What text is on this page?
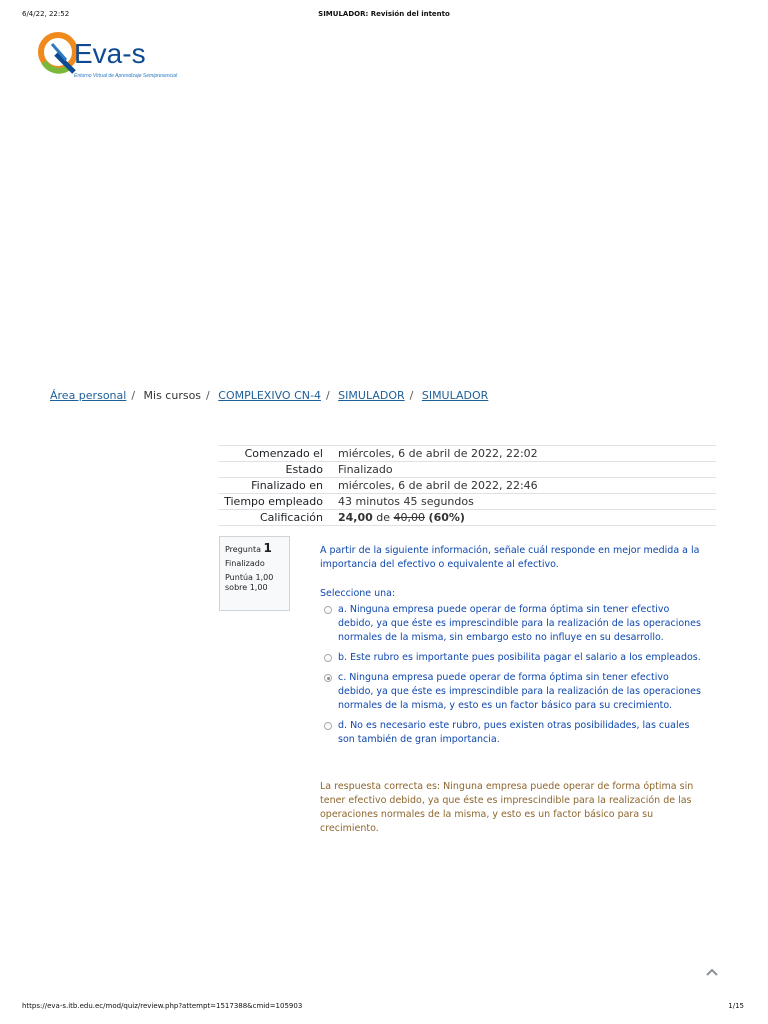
6/4/22, 22:52	SIMULADOR: Revisión del intento
Eva-s
Entorno Virtual de Aprendizaje Semipresencial
Área personal / Mis cursos / COMPLEXIVO CN-4 / SIMULADOR / SIMULADOR
Comenzado el	miércoles, 6 de abril de 2022, 22:02
Estado	Finalizado
Finalizado en	miércoles, 6 de abril de 2022, 22:46
Tiempo empleado	43 minutos 45 segundos
Calificación	24,00 de 40,00 (60%)
Pregunta 1
Finalizado
Puntúa 1,00
sobre 1,00
A partir de la siguiente información, señale cuál responde en mejor medida a la importancia del efectivo o equivalente al efectivo.
Seleccione una:
a. Ninguna empresa puede operar de forma óptima sin tener efectivo debido, ya que éste es imprescindible para la realización de las operaciones normales de la misma, sin embargo esto no influye en su desarrollo.
b. Este rubro es importante pues posibilita pagar el salario a los empleados.
c. Ninguna empresa puede operar de forma óptima sin tener efectivo debido, ya que éste es imprescindible para la realización de las operaciones normales de la misma, y esto es un factor básico para su crecimiento.
d. No es necesario este rubro, pues existen otras posibilidades, las cuales son también de gran importancia.
La respuesta correcta es: Ninguna empresa puede operar de forma óptima sin tener efectivo debido, ya que éste es imprescindible para la realización de las operaciones normales de la misma, y esto es un factor básico para su crecimiento.
https://eva-s.itb.edu.ec/mod/quiz/review.php?attempt=1517388&cmid=105903	1/15
